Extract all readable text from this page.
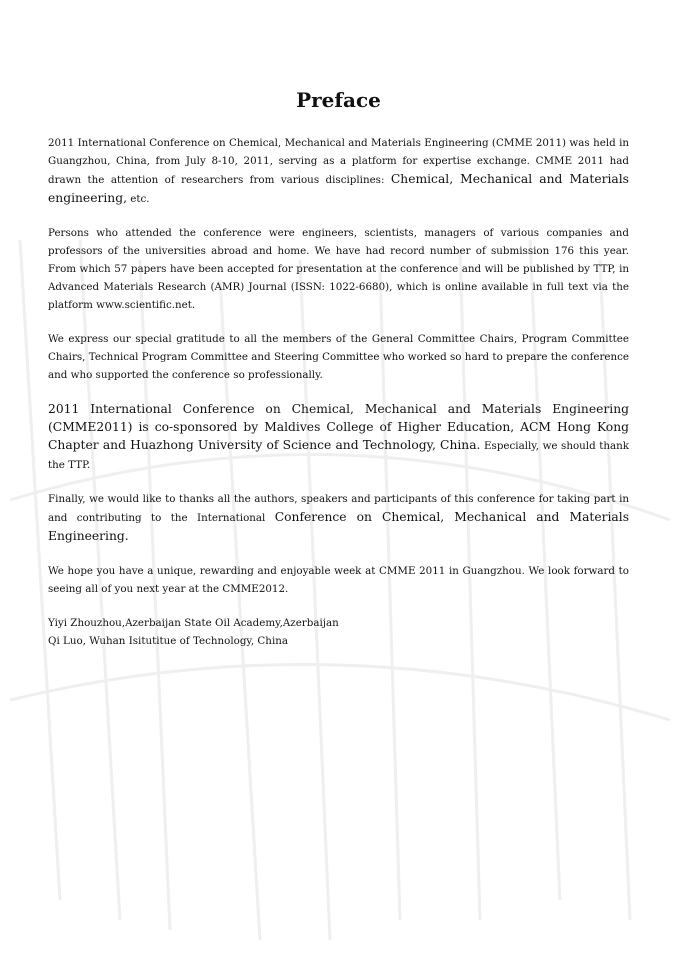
Preface

2011 International Conference on Chemical, Mechanical and Materials Engineering (CMME 2011) was held in Guangzhou, China, from July 8-10, 2011, serving as a platform for expertise exchange. CMME 2011 had drawn the attention of researchers from various disciplines: Chemical, Mechanical and Materials engineering, etc.

Persons who attended the conference were engineers, scientists, managers of various companies and professors of the universities abroad and home. We have had record number of submission 176 this year. From which 57 papers have been accepted for presentation at the conference and will be published by TTP, in Advanced Materials Research (AMR) Journal (ISSN: 1022-6680), which is online available in full text via the platform www.scientific.net.

We express our special gratitude to all the members of the General Committee Chairs, Program Committee Chairs, Technical Program Committee and Steering Committee who worked so hard to prepare the conference and who supported the conference so professionally.

2011 International Conference on Chemical, Mechanical and Materials Engineering (CMME2011) is co-sponsored by Maldives College of Higher Education, ACM Hong Kong Chapter and Huazhong University of Science and Technology, China. Especially, we should thank the TTP.

Finally, we would like to thanks all the authors, speakers and participants of this conference for taking part in and contributing to the International Conference on Chemical, Mechanical and Materials Engineering.

We hope you have a unique, rewarding and enjoyable week at CMME 2011 in Guangzhou. We look forward to seeing all of you next year at the CMME2012.

Yiyi Zhouzhou,Azerbaijan State Oil Academy,Azerbaijan
Qi Luo, Wuhan Isitutitue of Technology, China
